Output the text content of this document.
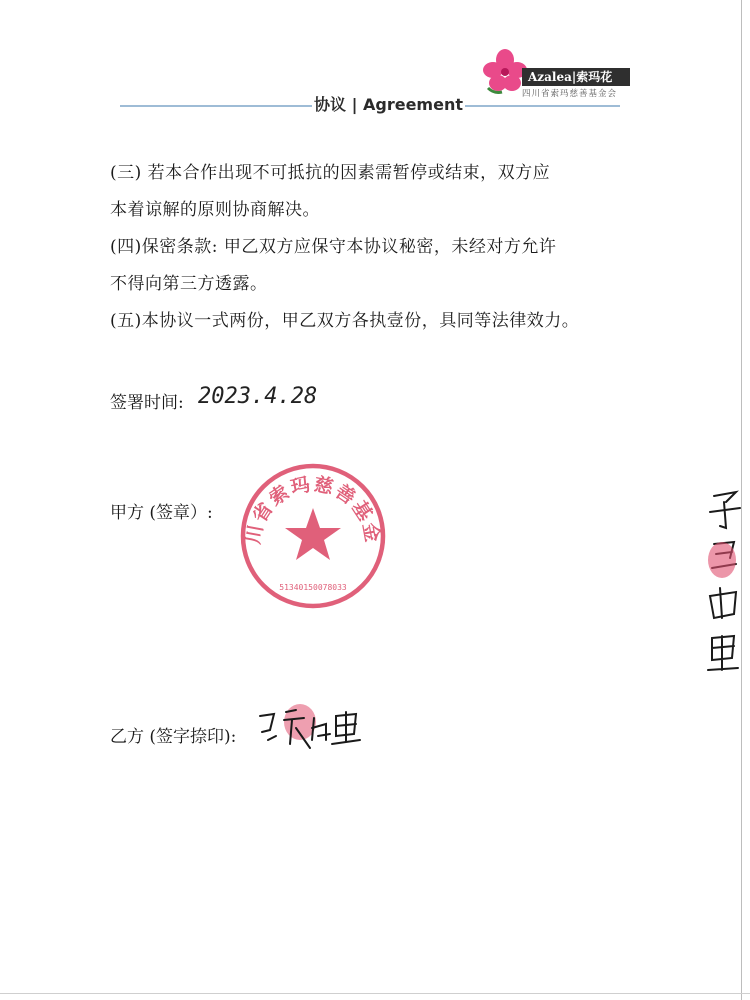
协议 | Agreement
Azalea|索玛花
四川省索玛慈善基金会
(三) 若本合作出现不可抵抗的因素需暂停或结束，双方应
本着谅解的原则协商解决。
(四)保密条款: 甲乙双方应保守本协议秘密，未经对方允许
不得向第三方透露。
(五)本协议一式两份，甲乙双方各执壹份，具同等法律效力。
签署时间: 2023.4.28
甲方 (签章）:
四川省索玛慈善基金会
51340150078033
乙方 (签字捺印):
